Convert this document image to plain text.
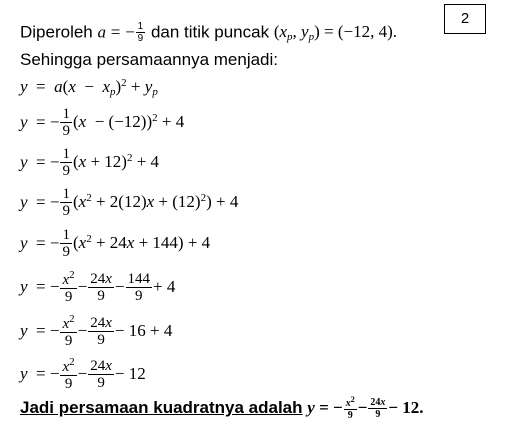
2
Diperoleh a = − $\frac{1}{9}$ dan titik puncak ($x_p$, $y_p) = (-12$, 4).
Sehingga persamaannya menjadi:
$y = a(x - x_p)^2 + y_p$
y  = − $\frac{1}{9} (x - (-12))^2 + 4$
y  = − $\frac{1}{9} (x + 12)^2 + 4$
y  = − $\frac{1}{9} (x^2 + 2(12)x + (12)^2) + 4$
y  = − $\frac{1}{9} (x^2 + 24x + 144) + 4$
y  = − $\frac{x^2}{9} - \frac{24x}{9} - \frac{144}{9} + 4$
y  = − $\frac{x^2}{9} - \frac{24x}{9} - 16 + 4$
y  = − $\frac{x^2}{9} - \frac{24x}{9} - 12$
Jadi persamaan kuadratnya adalah y = − $\frac{x^2}{9} - \frac{24x}{9} - 12$.
